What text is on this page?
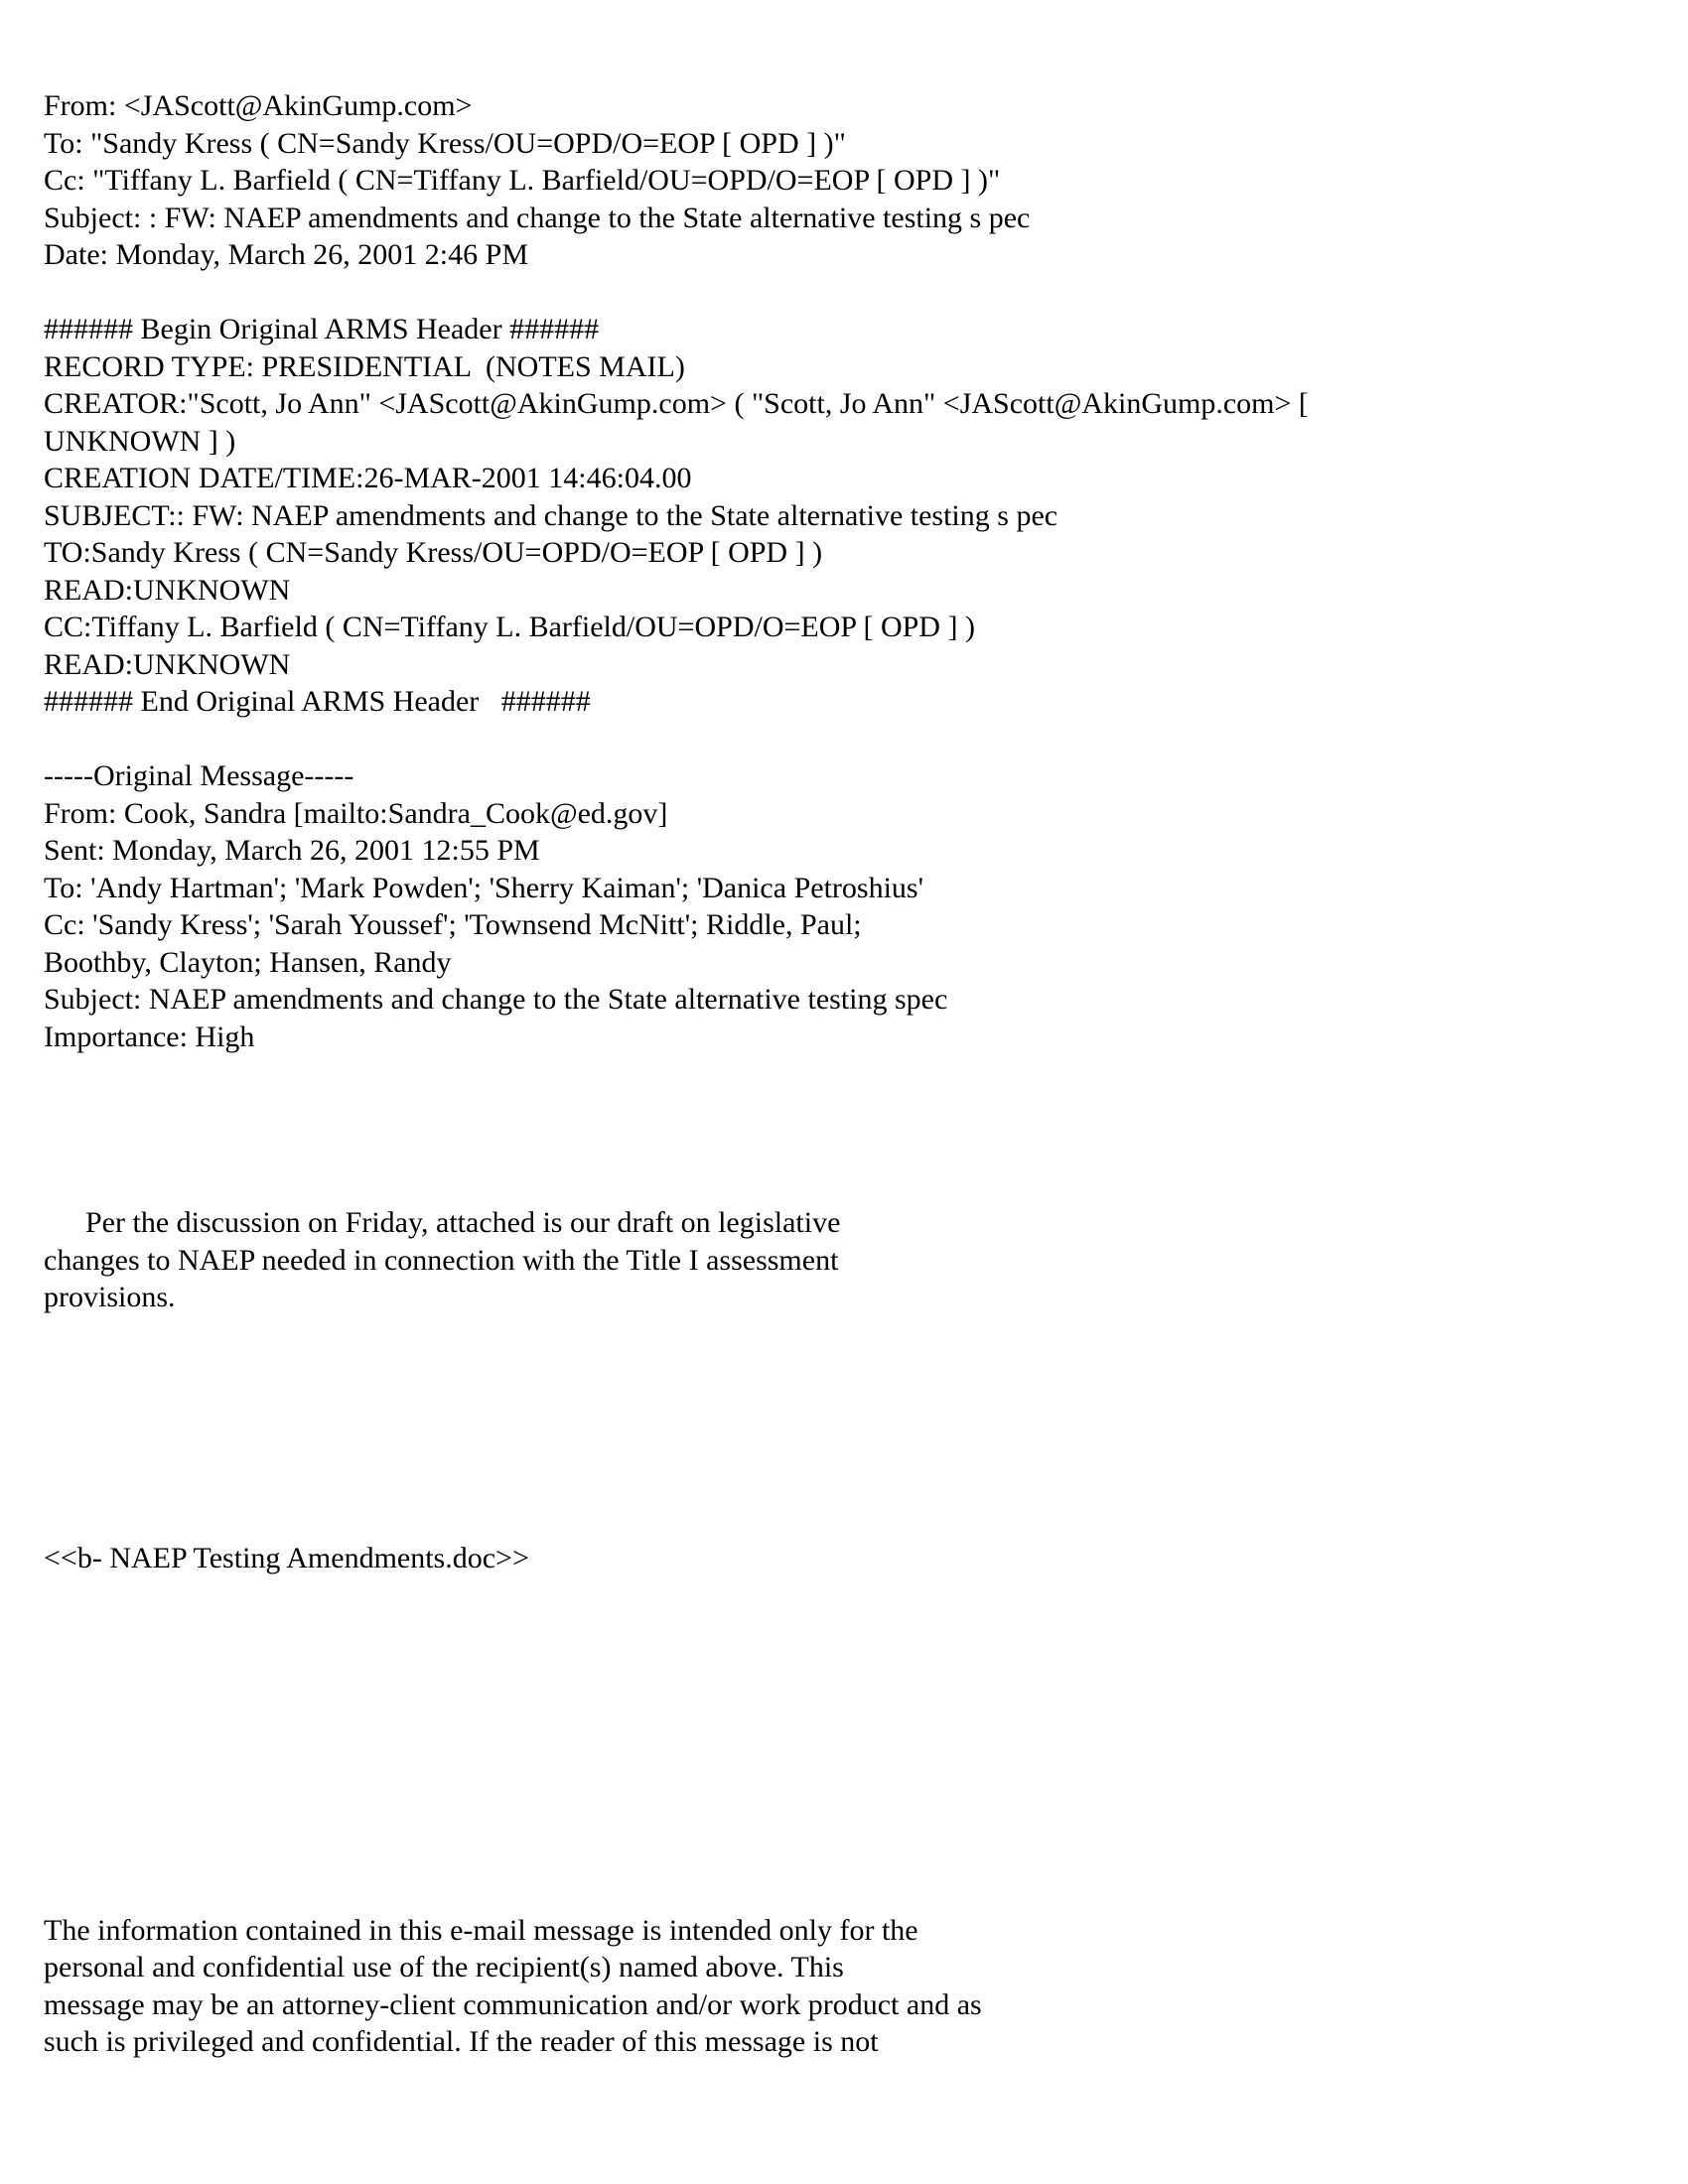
From: <JAScott@AkinGump.com>
To: "Sandy Kress ( CN=Sandy Kress/OU=OPD/O=EOP [ OPD ] )"
Cc: "Tiffany L. Barfield ( CN=Tiffany L. Barfield/OU=OPD/O=EOP [ OPD ] )"
Subject: : FW: NAEP amendments and change to the State alternative testing s pec
Date: Monday, March 26, 2001 2:46 PM
###### Begin Original ARMS Header ######
RECORD TYPE: PRESIDENTIAL  (NOTES MAIL)
CREATOR:"Scott, Jo Ann" <JAScott@AkinGump.com> ( "Scott, Jo Ann" <JAScott@AkinGump.com> [
UNKNOWN ] )
CREATION DATE/TIME:26-MAR-2001 14:46:04.00
SUBJECT:: FW: NAEP amendments and change to the State alternative testing s pec
TO:Sandy Kress ( CN=Sandy Kress/OU=OPD/O=EOP [ OPD ] )
READ:UNKNOWN
CC:Tiffany L. Barfield ( CN=Tiffany L. Barfield/OU=OPD/O=EOP [ OPD ] )
READ:UNKNOWN
###### End Original ARMS Header   ######
-----Original Message-----
From: Cook, Sandra [mailto:Sandra_Cook@ed.gov]
Sent: Monday, March 26, 2001 12:55 PM
To: 'Andy Hartman'; 'Mark Powden'; 'Sherry Kaiman'; 'Danica Petroshius'
Cc: 'Sandy Kress'; 'Sarah Youssef'; 'Townsend McNitt'; Riddle, Paul;
Boothby, Clayton; Hansen, Randy
Subject: NAEP amendments and change to the State alternative testing spec
Importance: High
Per the discussion on Friday, attached is our draft on legislative
changes to NAEP needed in connection with the Title I assessment
provisions.
<<b- NAEP Testing Amendments.doc>>
The information contained in this e-mail message is intended only for the
personal and confidential use of the recipient(s) named above. This
message may be an attorney-client communication and/or work product and as
such is privileged and confidential. If the reader of this message is not
